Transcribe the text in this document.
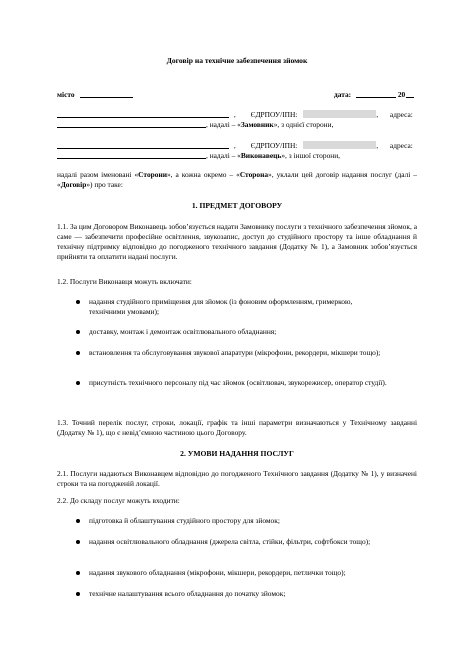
Договір на технічне забезпечення зйомок
місто	дата:	20
, ЄДРПОУ/ІПН:	, адреса:
, надалі – «Замовник», з однієї сторони,
, ЄДРПОУ/ІПН:	, адреса:
, надалі – «Виконавець», з іншої сторони,
надалі разом іменовані «Сторони», а кожна окремо – «Сторона», уклали цей договір надання послуг (далі – «Договір») про таке:
1. ПРЕДМЕТ ДОГОВОРУ
1.1. За цим Договором Виконавець зобов’язується надати Замовнику послуги з технічного забезпечення зйомок, а саме — забезпечити професійне освітлення, звукозапис, доступ до студійного простору та інше обладнання й технічну підтримку відповідно до погодженого технічного завдання (Додатку № 1), а Замовник зобов’язується прийняти та оплатити надані послуги.
1.2. Послуги Виконавця можуть включати:
надання студійного приміщення для зйомок (із фоновим оформленням, гримеркою, технічними умовами);
доставку, монтаж і демонтаж освітлювального обладнання;
встановлення та обслуговування звукової апаратури (мікрофони, рекордери, мікшери тощо);
присутність технічного персоналу під час зйомок (освітлювач, звукорежисер, оператор студії).
1.3. Точний перелік послуг, строки, локації, графік та інші параметри визначаються у Технічному завданні (Додатку № 1), що є невід’ємною частиною цього Договору.
2. УМОВИ НАДАННЯ ПОСЛУГ
2.1. Послуги надаються Виконавцем відповідно до погодженого Технічного завдання (Додатку № 1), у визначені строки та на погодженій локації.
2.2. До складу послуг можуть входити:
підготовка й облаштування студійного простору для зйомок;
надання освітлювального обладнання (джерела світла, стійки, фільтри, софтбокси тощо);
надання звукового обладнання (мікрофони, мікшери, рекордери, петлички тощо);
технічне налаштування всього обладнання до початку зйомок;
